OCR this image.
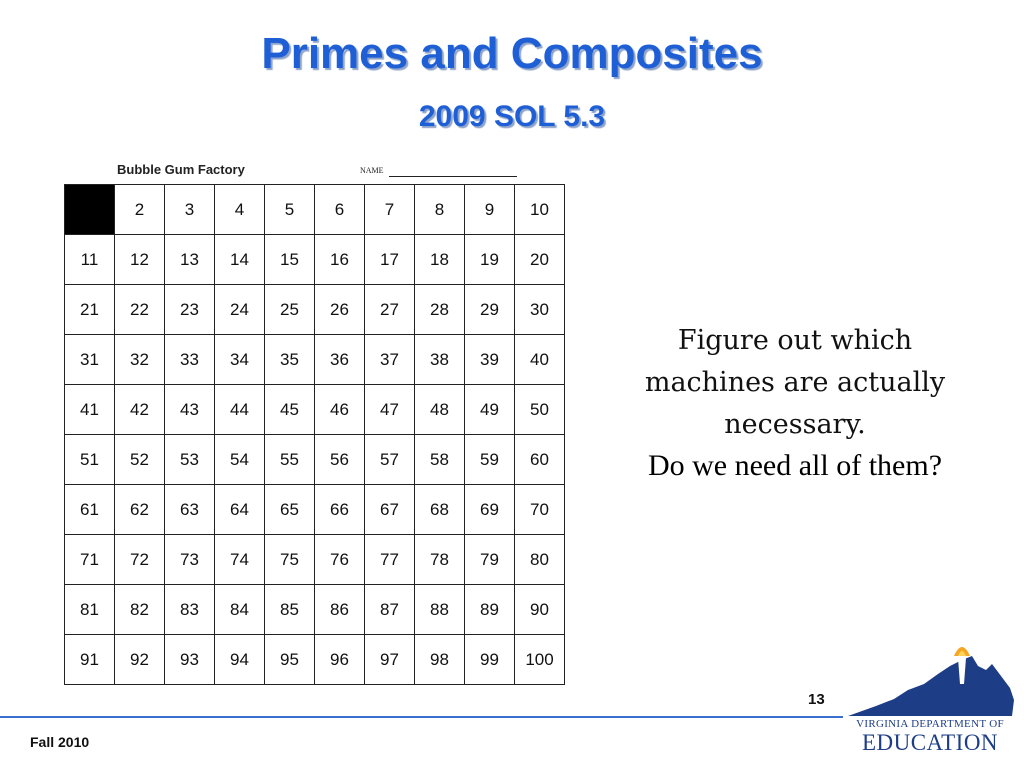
Primes and Composites
2009 SOL 5.3
Bubble Gum Factory	NAME
	2	3	4	5	6	7	8	9	10
11	12	13	14	15	16	17	18	19	20
21	22	23	24	25	26	27	28	29	30
31	32	33	34	35	36	37	38	39	40
41	42	43	44	45	46	47	48	49	50
51	52	53	54	55	56	57	58	59	60
61	62	63	64	65	66	67	68	69	70
71	72	73	74	75	76	77	78	79	80
81	82	83	84	85	86	87	88	89	90
91	92	93	94	95	96	97	98	99	100
Figure out which machines are actually necessary.
Do we need all of them?
13
Fall 2010
VIRGINIA DEPARTMENT OF
EDUCATION
